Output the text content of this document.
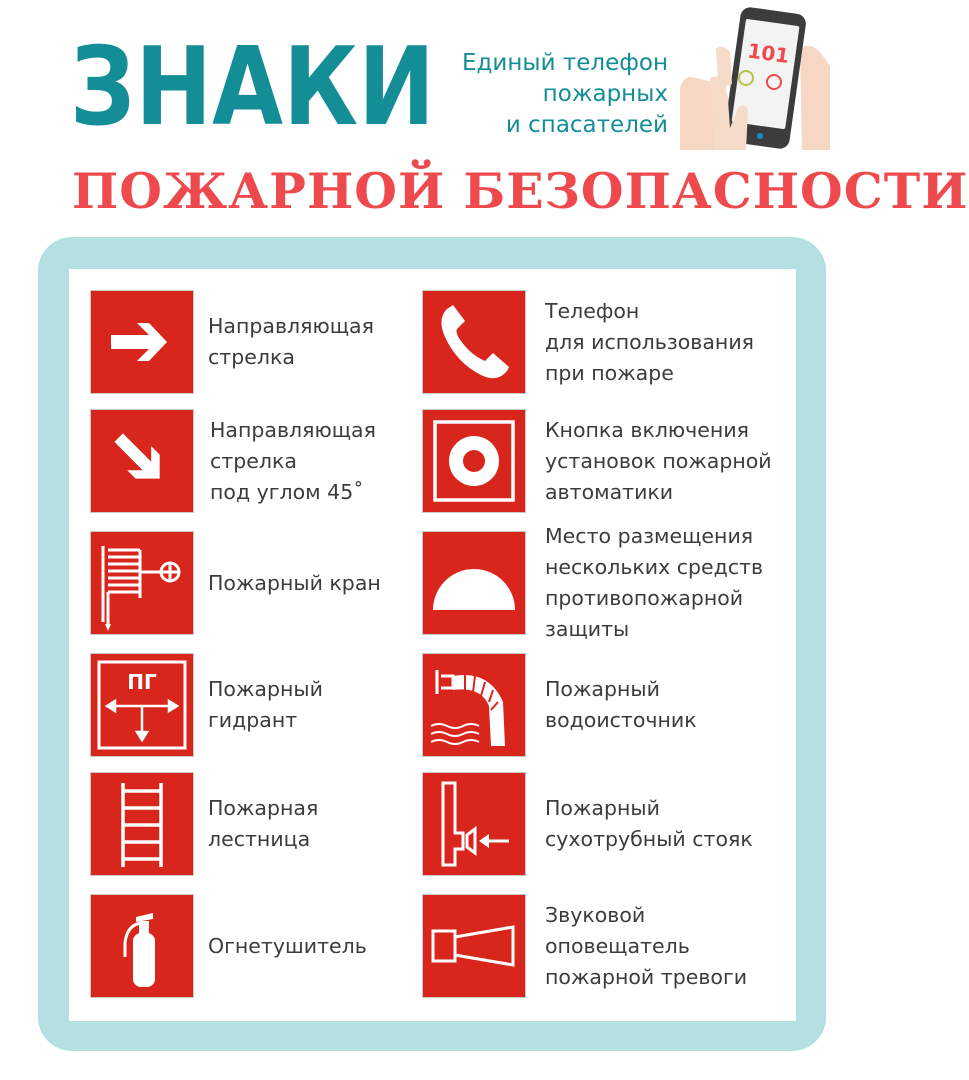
ЗНАКИ	Единый телефон
пожарных
и спасателей
101
ПОЖАРНОЙ БЕЗОПАСНОСТИ
Направляющая
стрелка
Направляющая
стрелка
под углом 45˚
Пожарный кран
ПГ	Пожарный
гидрант
Пожарная
лестница
Огнетушитель
Телефон
для использования
при пожаре
Кнопка включения
установок пожарной
автоматики
Место размещения
нескольких средств
противопожарной
защиты
Пожарный
водоисточник
Пожарный
сухотрубный стояк
Звуковой
оповещатель
пожарной тревоги
